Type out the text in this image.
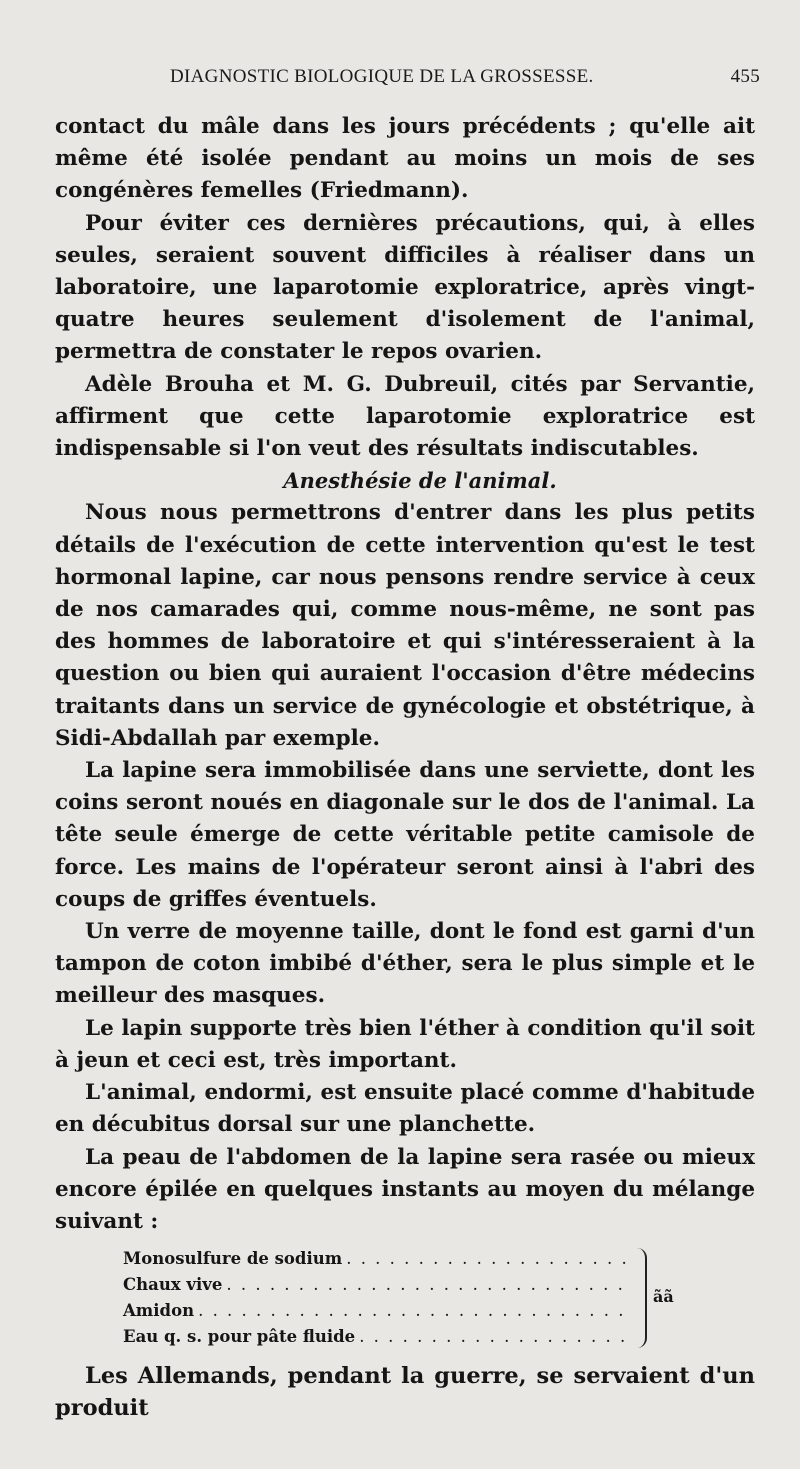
DIAGNOSTIC BIOLOGIQUE DE LA GROSSESSE.	455

contact du mâle dans les jours précédents ; qu'elle ait même été isolée pendant au moins un mois de ses congénères femelles (Friedmann).

Pour éviter ces dernières précautions, qui, à elles seules, seraient souvent difficiles à réaliser dans un laboratoire, une laparotomie exploratrice, après vingt-quatre heures seulement d'isolement de l'animal, permettra de constater le repos ovarien.

Adèle Brouha et M. G. Dubreuil, cités par Servantie, affirment que cette laparotomie exploratrice est indispensable si l'on veut des résultats indiscutables.

Anesthésie de l'animal.

Nous nous permettrons d'entrer dans les plus petits détails de l'exécution de cette intervention qu'est le test hormonal lapine, car nous pensons rendre service à ceux de nos camarades qui, comme nous-même, ne sont pas des hommes de laboratoire et qui s'intéresseraient à la question ou bien qui auraient l'occasion d'être médecins traitants dans un service de gynécologie et obstétrique, à Sidi-Abdallah par exemple.

La lapine sera immobilisée dans une serviette, dont les coins seront noués en diagonale sur le dos de l'animal. La tête seule émerge de cette véritable petite camisole de force. Les mains de l'opérateur seront ainsi à l'abri des coups de griffes éventuels.

Un verre de moyenne taille, dont le fond est garni d'un tampon de coton imbibé d'éther, sera le plus simple et le meilleur des masques.

Le lapin supporte très bien l'éther à condition qu'il soit à jeun et ceci est, très important.

L'animal, endormi, est ensuite placé comme d'habitude en décubitus dorsal sur une planchette.

La peau de l'abdomen de la lapine sera rasée ou mieux encore épilée en quelques instants au moyen du mélange suivant :

Monosulfure de sodium
. . .
Chaux vive
. . .
Amidon
. . .
Eau q. s. pour pâte fluide
. . .
ãã

Les Allemands, pendant la guerre, se servaient d'un produit
